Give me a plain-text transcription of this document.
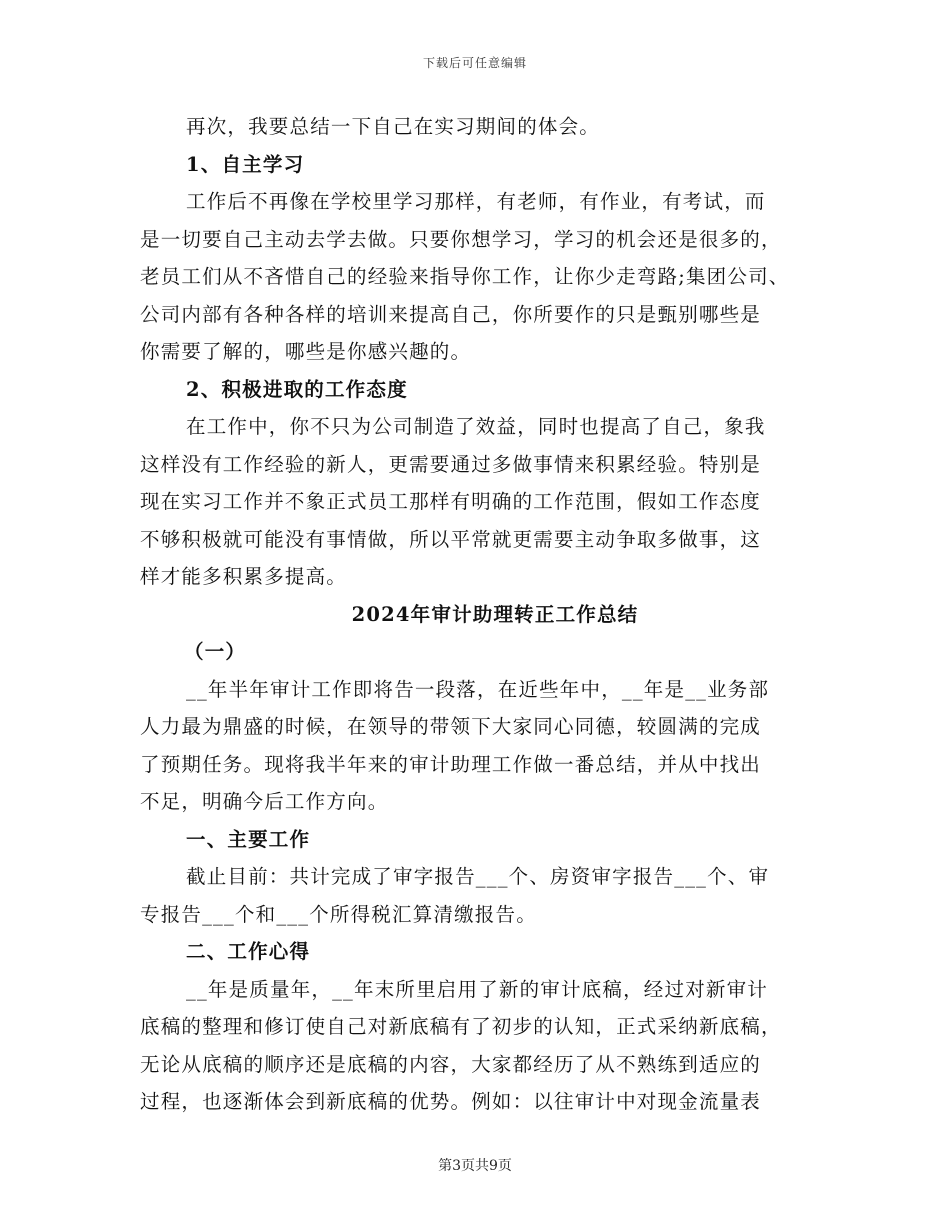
下载后可任意编辑
再次，我要总结一下自己在实习期间的体会。
1、自主学习
工作后不再像在学校里学习那样，有老师，有作业，有考试，而
是一切要自己主动去学去做。只要你想学习，学习的机会还是很多的，
老员工们从不吝惜自己的经验来指导你工作，让你少走弯路;集团公司、
公司内部有各种各样的培训来提高自己，你所要作的只是甄别哪些是
你需要了解的，哪些是你感兴趣的。
2、积极进取的工作态度
在工作中，你不只为公司制造了效益，同时也提高了自己，象我
这样没有工作经验的新人，更需要通过多做事情来积累经验。特别是
现在实习工作并不象正式员工那样有明确的工作范围，假如工作态度
不够积极就可能没有事情做，所以平常就更需要主动争取多做事，这
样才能多积累多提高。
2024年审计助理转正工作总结
（一）
__年半年审计工作即将告一段落，在近些年中，__年是__业务部
人力最为鼎盛的时候，在领导的带领下大家同心同德，较圆满的完成
了预期任务。现将我半年来的审计助理工作做一番总结，并从中找出
不足，明确今后工作方向。
一、主要工作
截止目前：共计完成了审字报告___个、房资审字报告___个、审
专报告___个和___个所得税汇算清缴报告。
二、工作心得
__年是质量年，__年末所里启用了新的审计底稿，经过对新审计
底稿的整理和修订使自己对新底稿有了初步的认知，正式采纳新底稿，
无论从底稿的顺序还是底稿的内容，大家都经历了从不熟练到适应的
过程，也逐渐体会到新底稿的优势。例如：以往审计中对现金流量表
第3页共9页
